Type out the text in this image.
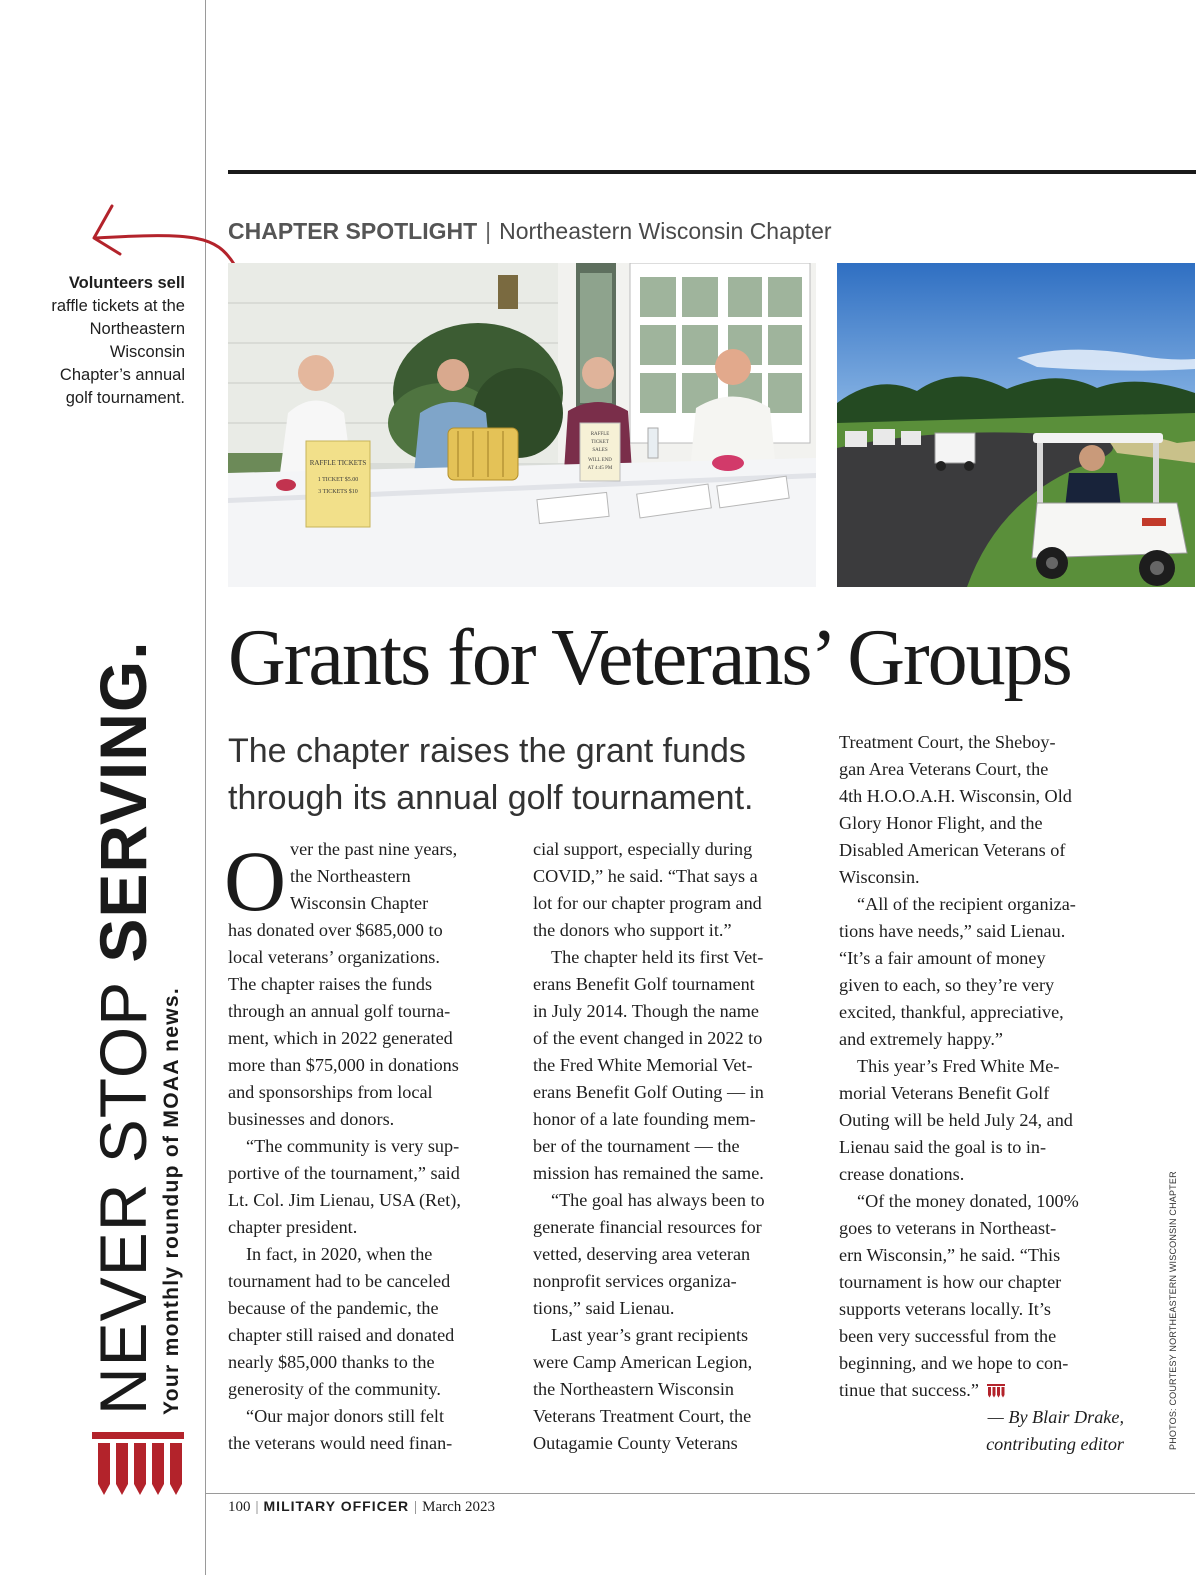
Volunteers sell raffle tickets at the Northeastern Wisconsin Chapter’s annual golf tournament.
NEVER STOP SERVING.
Your monthly roundup of MOAA news.
CHAPTER SPOTLIGHT | Northeastern Wisconsin Chapter
RAFFLE TICKETS
1 TICKET $5.00
3 TICKETS $10
RAFFLE
TICKET
SALES
WILL END
AT 4:45 PM
Grants for Veterans’ Groups
The chapter raises the grant funds through its annual golf tournament.
O ver the past nine years,
the Northeastern
Wisconsin Chapter
has donated over $685,000 to
local veterans’ organizations.
The chapter raises the funds
through an annual golf tourna-
ment, which in 2022 generated
more than $75,000 in donations
and sponsorships from local
businesses and donors.
“The community is very sup-
portive of the tournament,” said
Lt. Col. Jim Lienau, USA (Ret),
chapter president.
In fact, in 2020, when the
tournament had to be canceled
because of the pandemic, the
chapter still raised and donated
nearly $85,000 thanks to the
generosity of the community.
“Our major donors still felt
the veterans would need finan-
cial support, especially during
COVID,” he said. “That says a
lot for our chapter program and
the donors who support it.”
The chapter held its first Vet-
erans Benefit Golf tournament
in July 2014. Though the name
of the event changed in 2022 to
the Fred White Memorial Vet-
erans Benefit Golf Outing — in
honor of a late founding mem-
ber of the tournament — the
mission has remained the same.
“The goal has always been to
generate financial resources for
vetted, deserving area veteran
nonprofit services organiza-
tions,” said Lienau.
Last year’s grant recipients
were Camp American Legion,
the Northeastern Wisconsin
Veterans Treatment Court, the
Outagamie County Veterans
Treatment Court, the Sheboy-
gan Area Veterans Court, the
4th H.O.O.A.H. Wisconsin, Old
Glory Honor Flight, and the
Disabled American Veterans of
Wisconsin.
“All of the recipient organiza-
tions have needs,” said Lienau.
“It’s a fair amount of money
given to each, so they’re very
excited, thankful, appreciative,
and extremely happy.”
This year’s Fred White Me-
morial Veterans Benefit Golf
Outing will be held July 24, and
Lienau said the goal is to in-
crease donations.
“Of the money donated, 100%
goes to veterans in Northeast-
ern Wisconsin,” he said. “This
tournament is how our chapter
supports veterans locally. It’s
been very successful from the
beginning, and we hope to con-
tinue that success.”
— By Blair Drake,
contributing editor	PHOTOS: COURTESY NORTHEASTERN WISCONSIN CHAPTER
100 | MILITARY OFFICER | March 2023
